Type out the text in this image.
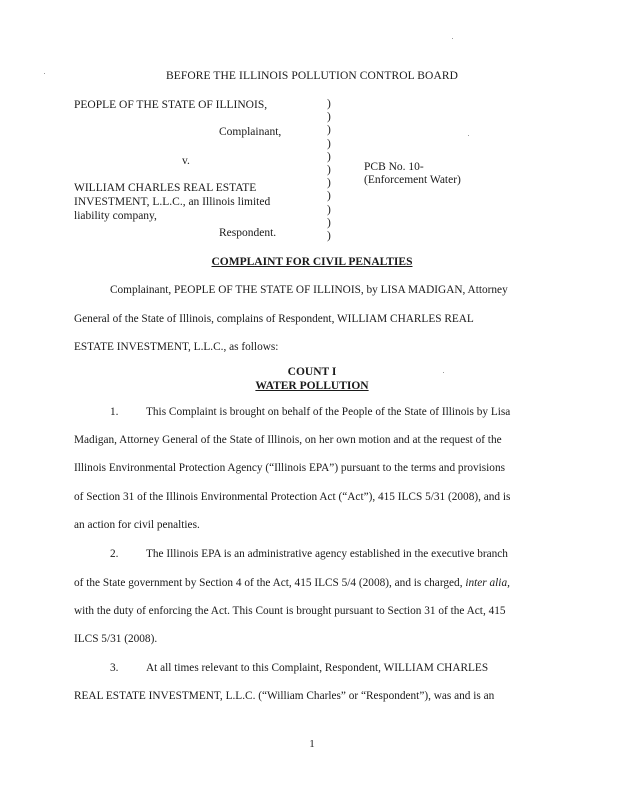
BEFORE THE ILLINOIS POLLUTION CONTROL BOARD
PEOPLE OF THE STATE OF ILLINOIS,
Complainant,
v.
WILLIAM CHARLES REAL ESTATE
INVESTMENT, L.L.C., an Illinois limited
liability company,
Respondent.
)
)
)
)
)
)
)
)
)
)
)
PCB No. 10-
(Enforcement Water)
COMPLAINT FOR CIVIL PENALTIES
Complainant, PEOPLE OF THE STATE OF ILLINOIS, by LISA MADIGAN, Attorney
General of the State of Illinois, complains of Respondent, WILLIAM CHARLES REAL
ESTATE INVESTMENT, L.L.C., as follows:
COUNT I
WATER POLLUTION
1. This Complaint is brought on behalf of the People of the State of Illinois by Lisa
Madigan, Attorney General of the State of Illinois, on her own motion and at the request of the
Illinois Environmental Protection Agency (“Illinois EPA”) pursuant to the terms and provisions
of Section 31 of the Illinois Environmental Protection Act (“Act”), 415 ILCS 5/31 (2008), and is
an action for civil penalties.
2. The Illinois EPA is an administrative agency established in the executive branch
of the State government by Section 4 of the Act, 415 ILCS 5/4 (2008), and is charged, inter alia,
with the duty of enforcing the Act. This Count is brought pursuant to Section 31 of the Act, 415
ILCS 5/31 (2008).
3. At all times relevant to this Complaint, Respondent, WILLIAM CHARLES
REAL ESTATE INVESTMENT, L.L.C. (“William Charles” or “Respondent”), was and is an
1
